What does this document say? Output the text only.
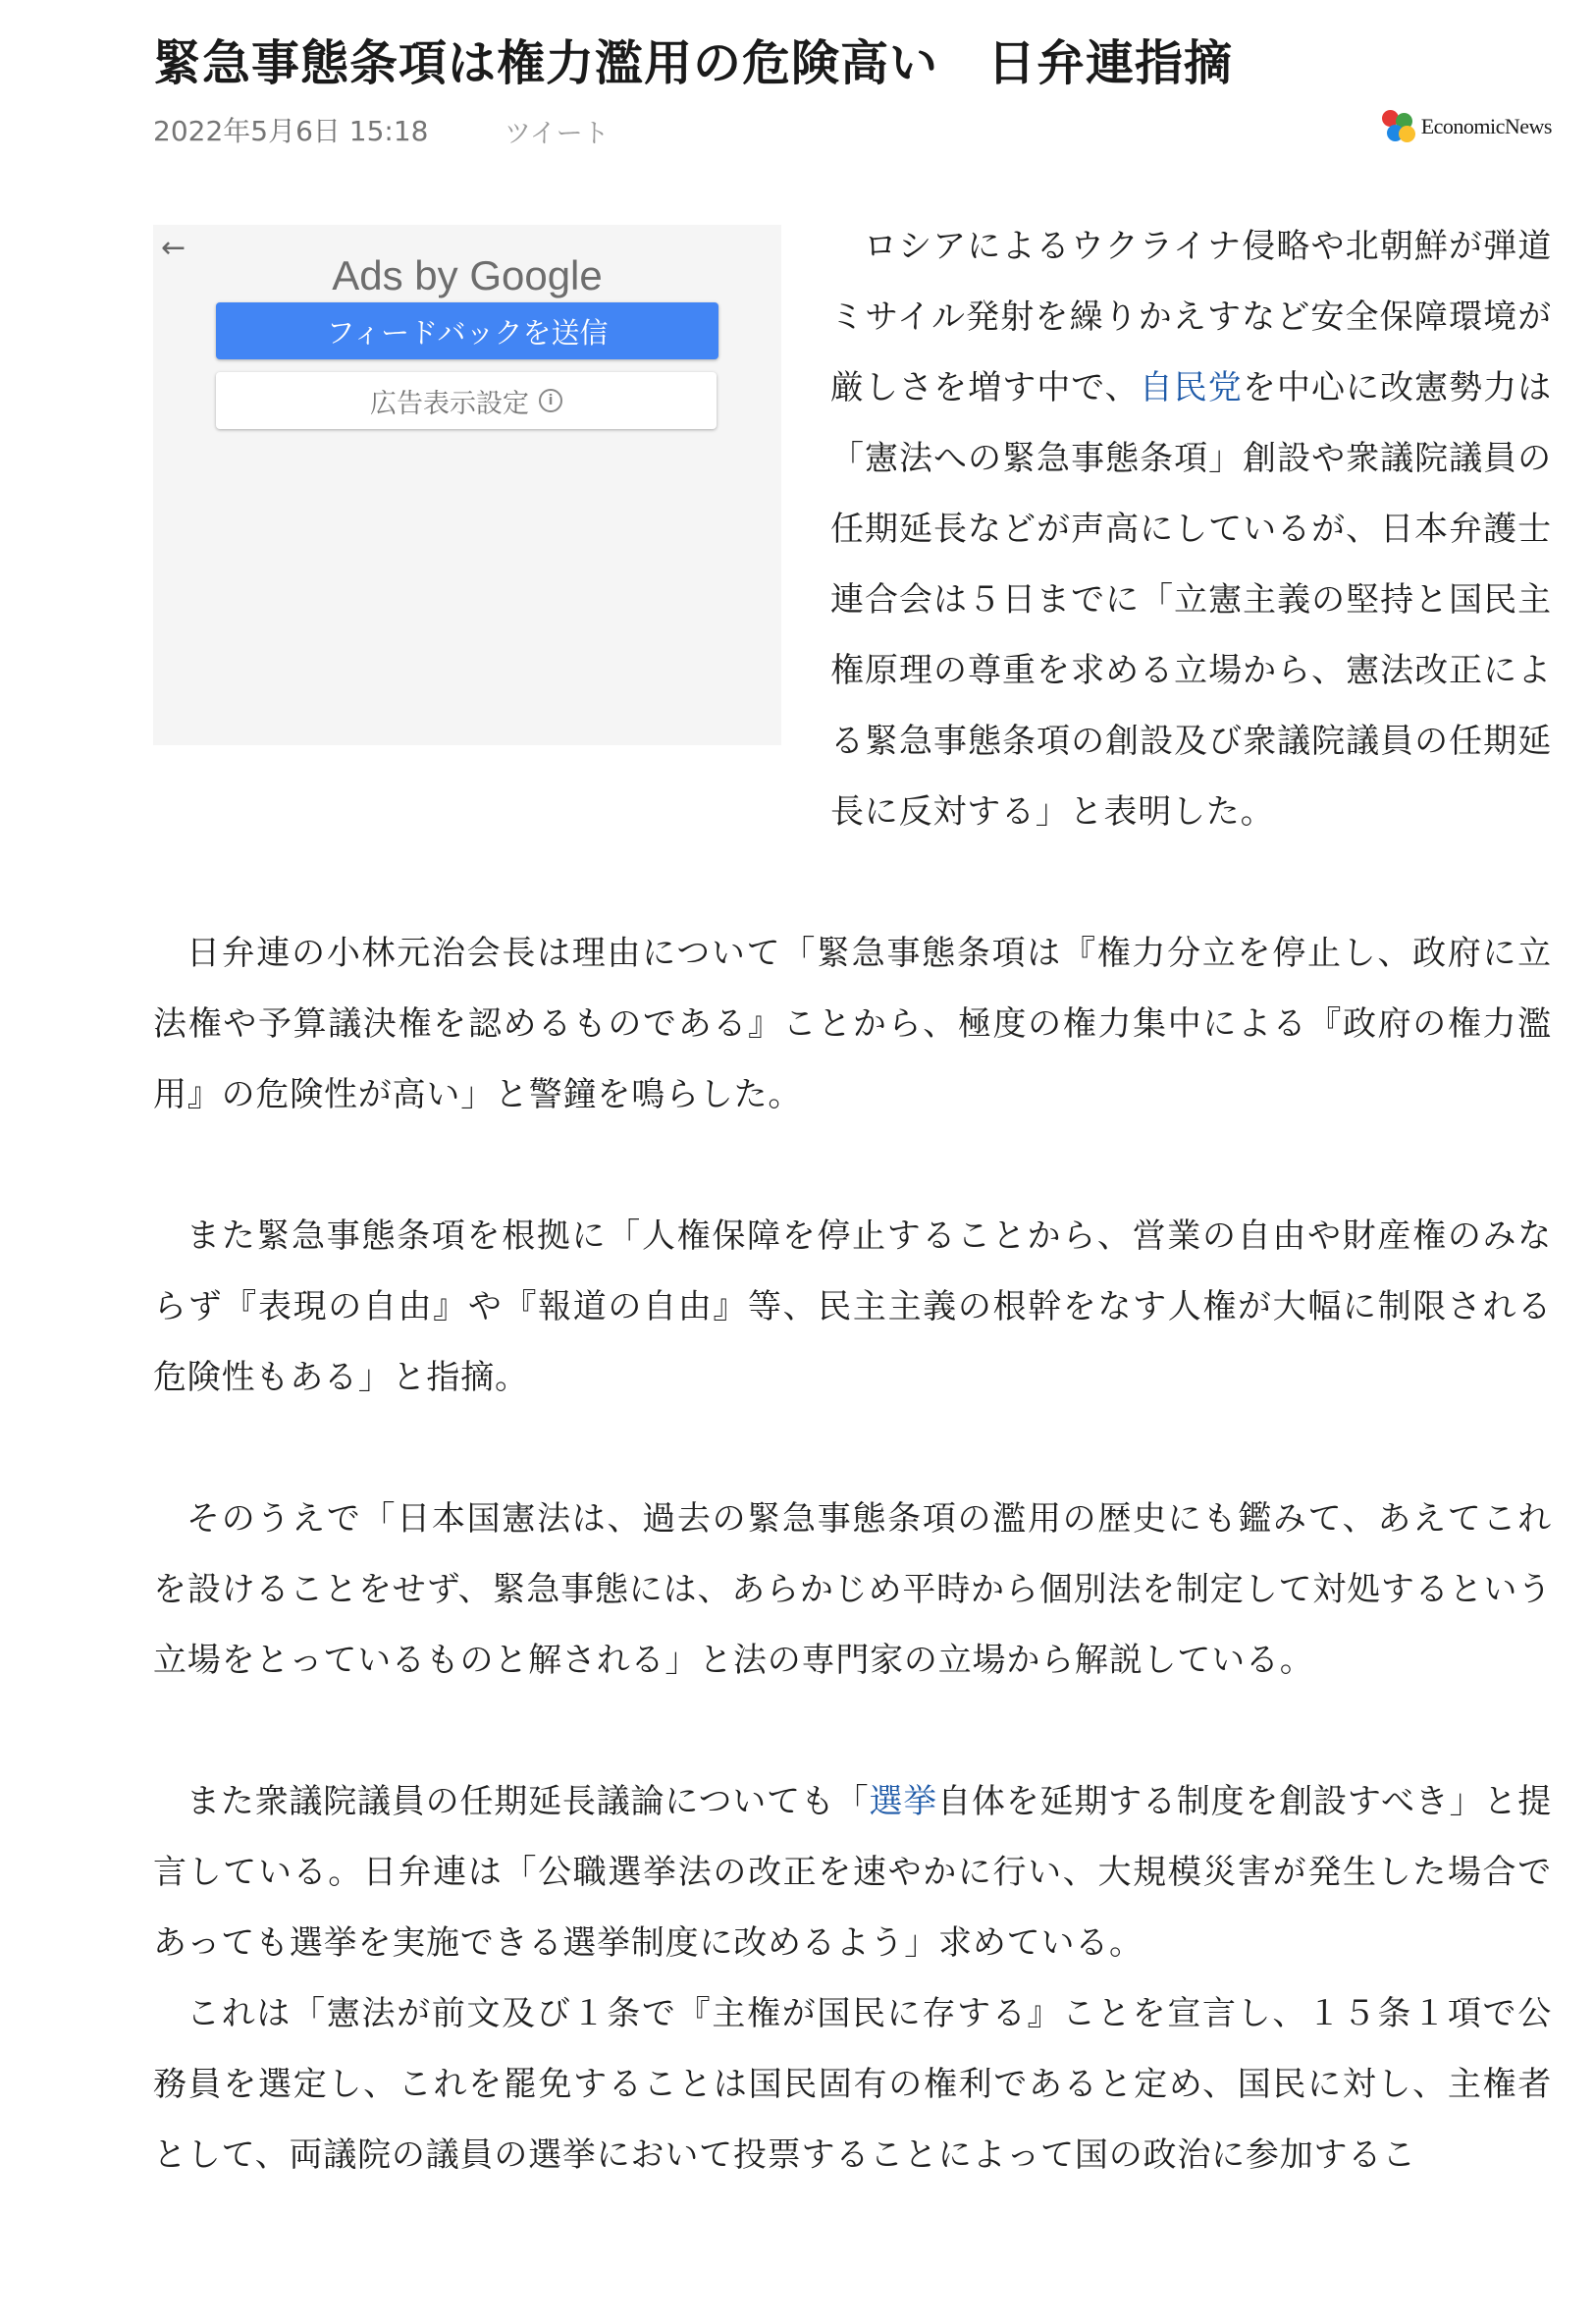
緊急事態条項は権力濫用の危険高い　日弁連指摘
2022年5月6日 15:18	ツイート	EconomicNews
←
Ads by Google
フィードバックを送信
広告表示設定	i

ロシアによるウクライナ侵略や北朝鮮が弾道ミサイル発射を繰りかえすなど安全保障環境が厳しさを増す中で、自民党を中心に改憲勢力は「憲法への緊急事態条項」創設や衆議院議員の任期延長などが声高にしているが、日本弁護士連合会は５日までに「立憲主義の堅持と国民主権原理の尊重を求める立場から、憲法改正による緊急事態条項の創設及び衆議院議員の任期延長に反対する」と表明した。

日弁連の小林元治会長は理由について「緊急事態条項は『権力分立を停止し、政府に立法権や予算議決権を認めるものである』ことから、極度の権力集中による『政府の権力濫用』の危険性が高い」と警鐘を鳴らした。

また緊急事態条項を根拠に「人権保障を停止することから、営業の自由や財産権のみならず『表現の自由』や『報道の自由』等、民主主義の根幹をなす人権が大幅に制限される危険性もある」と指摘。

そのうえで「日本国憲法は、過去の緊急事態条項の濫用の歴史にも鑑みて、あえてこれを設けることをせず、緊急事態には、あらかじめ平時から個別法を制定して対処するという立場をとっているものと解される」と法の専門家の立場から解説している。

また衆議院議員の任期延長議論についても「選挙自体を延期する制度を創設すべき」と提言している。日弁連は「公職選挙法の改正を速やかに行い、大規模災害が発生した場合であっても選挙を実施できる選挙制度に改めるよう」求めている。

これは「憲法が前文及び１条で『主権が国民に存する』ことを宣言し、１５条１項で公務員を選定し、これを罷免することは国民固有の権利であると定め、国民に対し、主権者として、両議院の議員の選挙において投票することによって国の政治に参加するこ
